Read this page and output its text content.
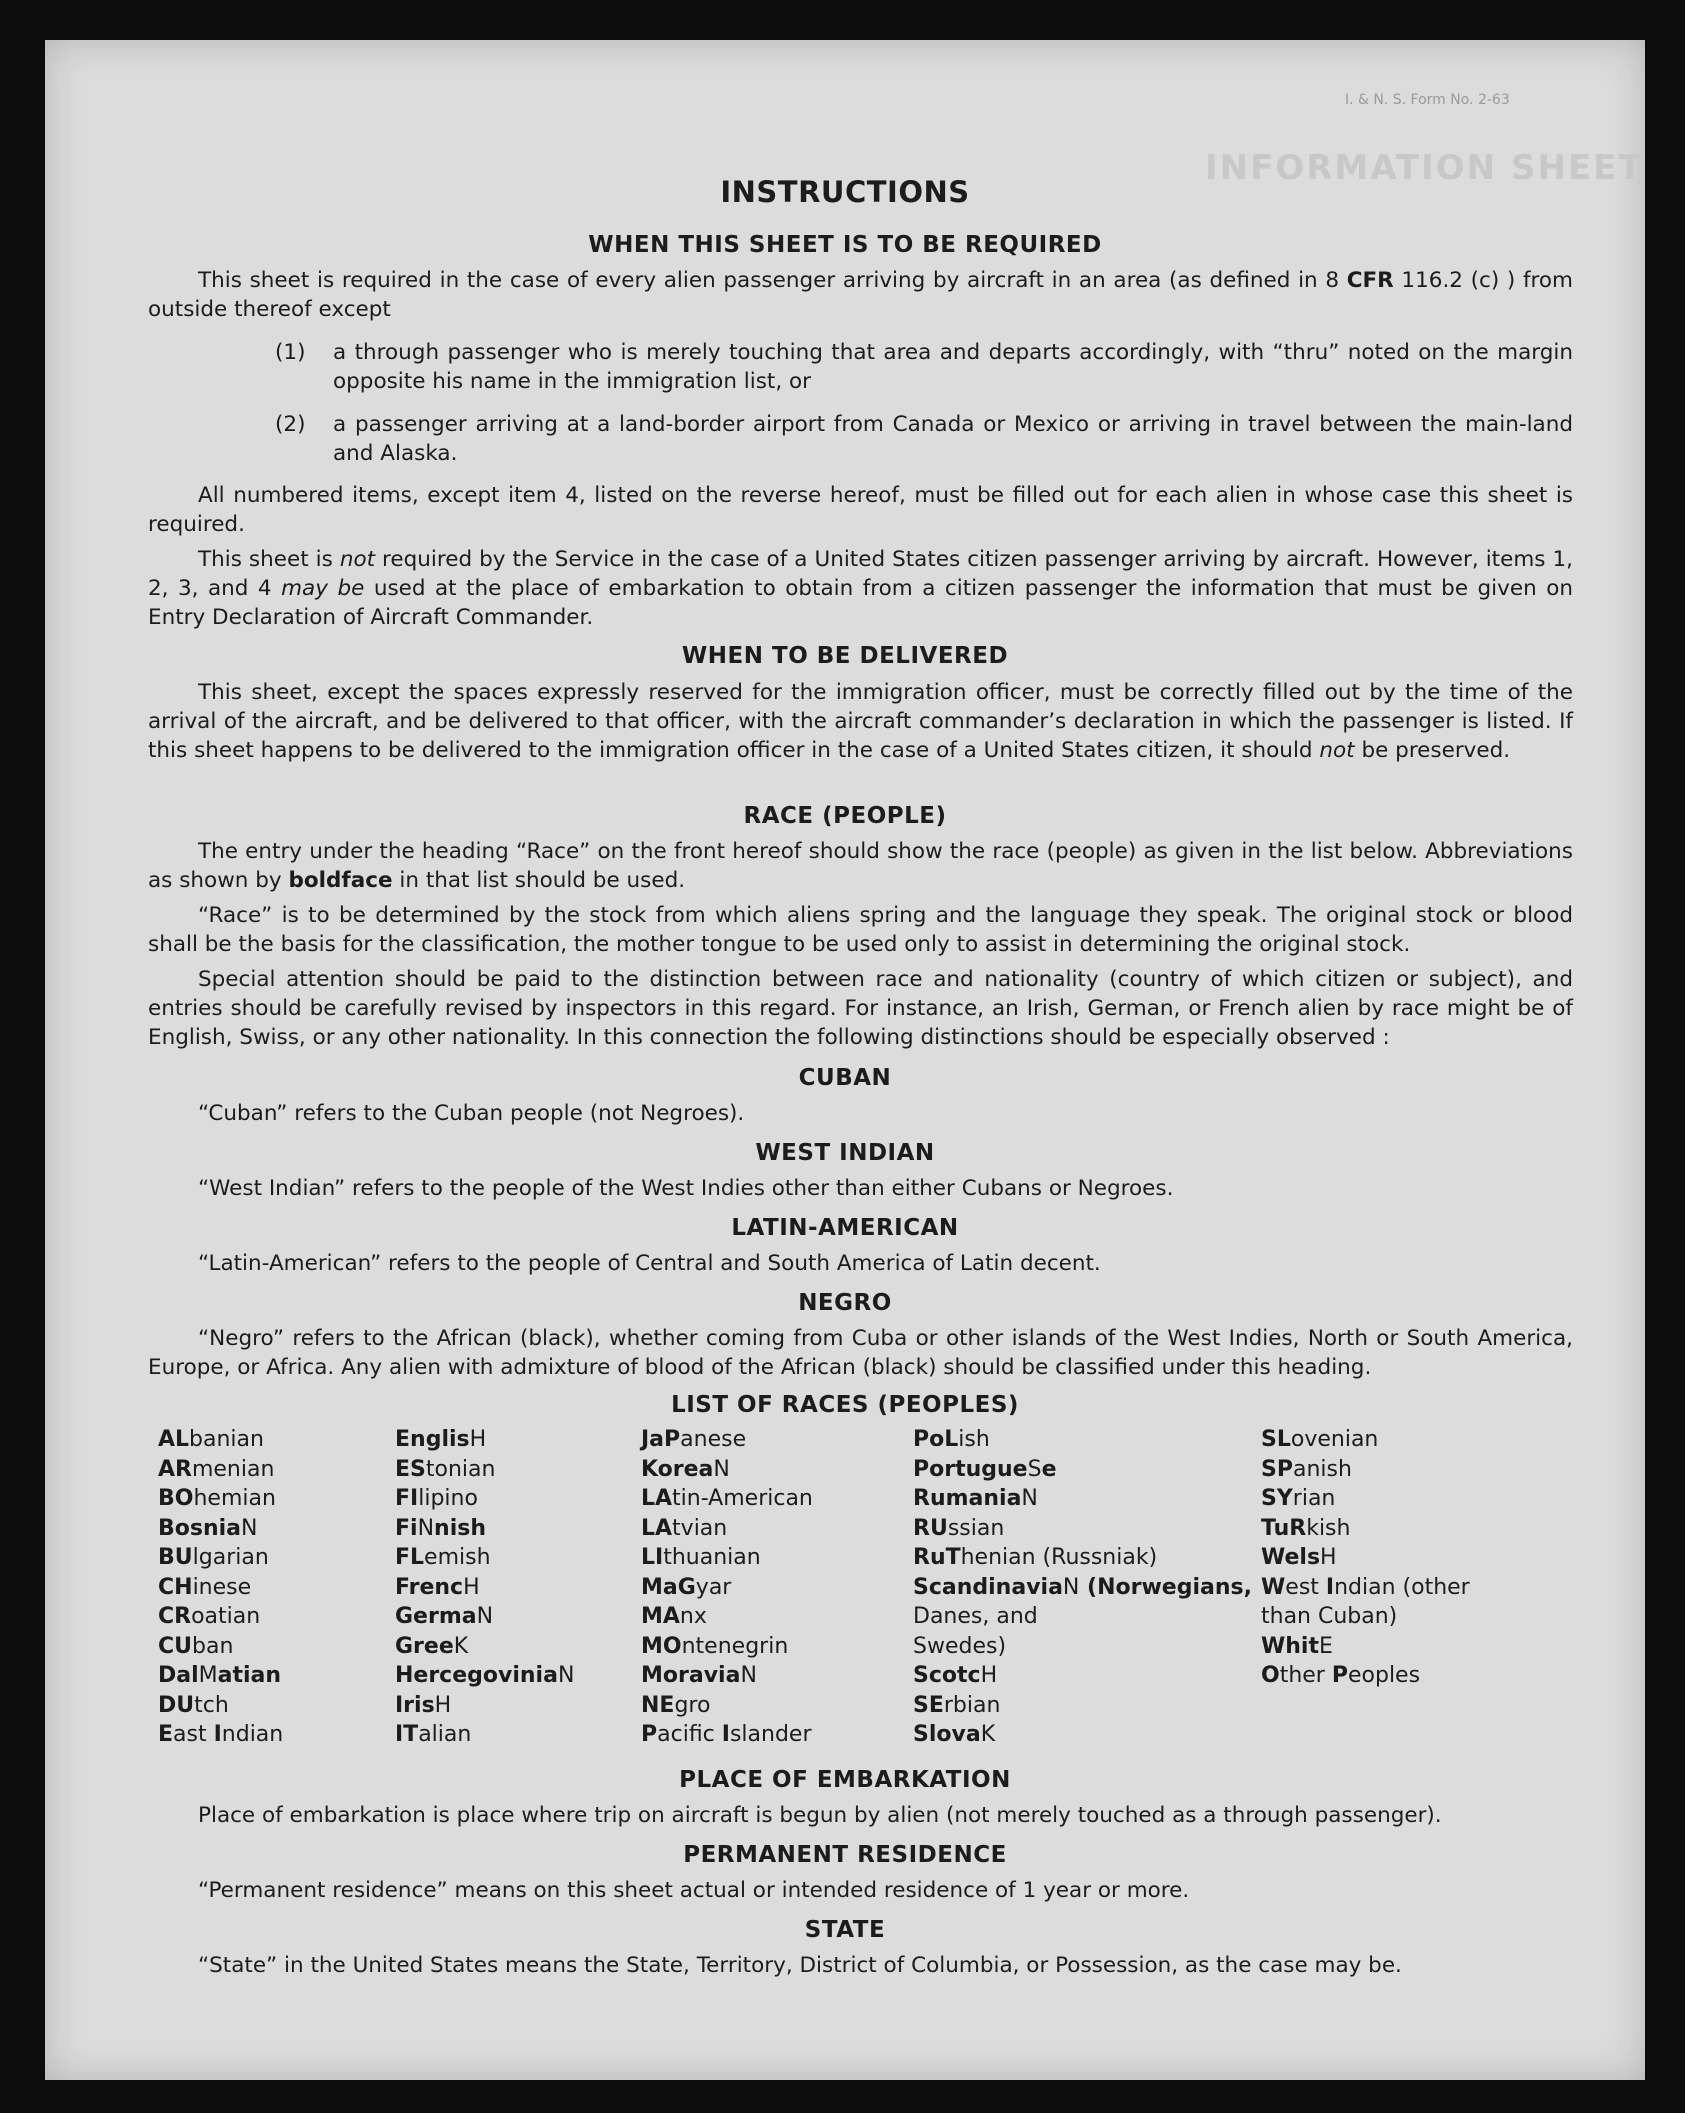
INFORMATION SHEET
I. & N. S. Form No. 2-63
INSTRUCTIONS
WHEN THIS SHEET IS TO BE REQUIRED
This sheet is required in the case of every alien passenger arriving by aircraft in an area (as defined in 8 CFR 116.2 (c) ) from outside thereof except
(1) a through passenger who is merely touching that area and departs accordingly, with “thru” noted on the margin opposite his name in the immigration list, or
(2) a passenger arriving at a land-border airport from Canada or Mexico or arriving in travel between the main-land and Alaska.
All numbered items, except item 4, listed on the reverse hereof, must be filled out for each alien in whose case this sheet is required.
This sheet is not required by the Service in the case of a United States citizen passenger arriving by aircraft. However, items 1, 2, 3, and 4 may be used at the place of embarkation to obtain from a citizen passenger the information that must be given on Entry Declaration of Aircraft Commander.
WHEN TO BE DELIVERED
This sheet, except the spaces expressly reserved for the immigration officer, must be correctly filled out by the time of the arrival of the aircraft, and be delivered to that officer, with the aircraft commander’s declaration in which the passenger is listed. If this sheet happens to be delivered to the immigration officer in the case of a United States citizen, it should not be preserved.
RACE (PEOPLE)
The entry under the heading “Race” on the front hereof should show the race (people) as given in the list below. Abbreviations as shown by boldface in that list should be used.
“Race” is to be determined by the stock from which aliens spring and the language they speak. The original stock or blood shall be the basis for the classification, the mother tongue to be used only to assist in determining the original stock.
Special attention should be paid to the distinction between race and nationality (country of which citizen or subject), and entries should be carefully revised by inspectors in this regard. For instance, an Irish, German, or French alien by race might be of English, Swiss, or any other nationality. In this connection the following distinctions should be especially observed :
CUBAN
“Cuban” refers to the Cuban people (not Negroes).
WEST INDIAN
“West Indian” refers to the people of the West Indies other than either Cubans or Negroes.
LATIN-AMERICAN
“Latin-American” refers to the people of Central and South America of Latin decent.
NEGRO
“Negro” refers to the African (black), whether coming from Cuba or other islands of the West Indies, North or South America, Europe, or Africa. Any alien with admixture of blood of the African (black) should be classified under this heading.
LIST OF RACES (PEOPLES)
ALbanian
ARmenian
BOhemian
BosniaN
BUlgarian
CHinese
CRoatian
CUban
DalMatian
DUtch
East Indian
EnglisH
EStonian
FIlipino
FiNnish
FLemish
FrencH
GermaN
GreeK
HercegoviniaN
IrisH
ITalian
JaPanese
KoreaN
LAtin-American
LAtvian
LIthuanian
MaGyar
MAnx
MOntenegrin
MoraviaN
NEgro
Pacific Islander
PoLish
PortugueSe
RumaniaN
RUssian
RuThenian (Russniak)
ScandinaviaN (Norwegians,
Danes, and
Swedes)
ScotcH
SErbian
SlovaK
SLovenian
SPanish
SYrian
TuRkish
WelsH
West Indian (other
than Cuban)
WhitE
Other Peoples
PLACE OF EMBARKATION
Place of embarkation is place where trip on aircraft is begun by alien (not merely touched as a through passenger).
PERMANENT RESIDENCE
“Permanent residence” means on this sheet actual or intended residence of 1 year or more.
STATE
“State” in the United States means the State, Territory, District of Columbia, or Possession, as the case may be.
